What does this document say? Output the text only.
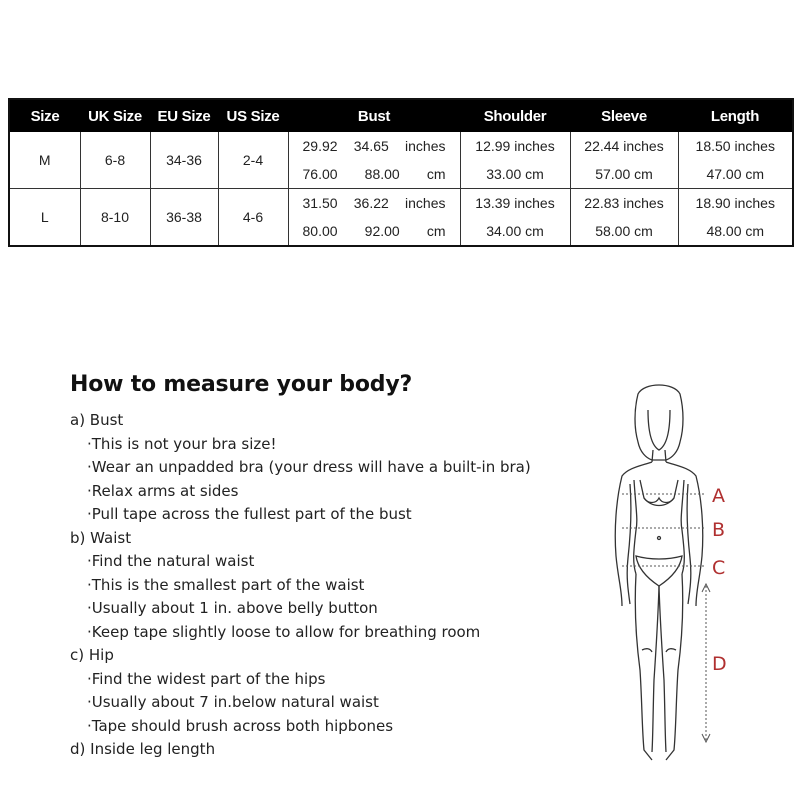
Size	UK Size	EU Size	US Size	Bust	Shoulder	Sleeve	Length
M	6-8	34-36	2-4	29.92 34.65 inches	12.99 inches	22.44 inches	18.50 inches

				76.00 88.00 cm	33.00 cm	57.00 cm	47.00 cm
L	8-10	36-38	4-6	31.50 36.22 inches	13.39 inches	22.83 inches	18.90 inches

				80.00 92.00 cm	34.00 cm	58.00 cm	48.00 cm
How to measure your body?
a) Bust
·This is not your bra size!
·Wear an unpadded bra (your dress will have a built-in bra)
·Relax arms at sides
·Pull tape across the fullest part of the bust
b) Waist
·Find the natural waist
·This is the smallest part of the waist
·Usually about 1 in. above belly button
·Keep tape slightly loose to allow for breathing room
c) Hip
·Find the widest part of the hips
·Usually about 7 in.below natural waist
·Tape should brush across both hipbones
d) Inside leg length
A
B
C
D
